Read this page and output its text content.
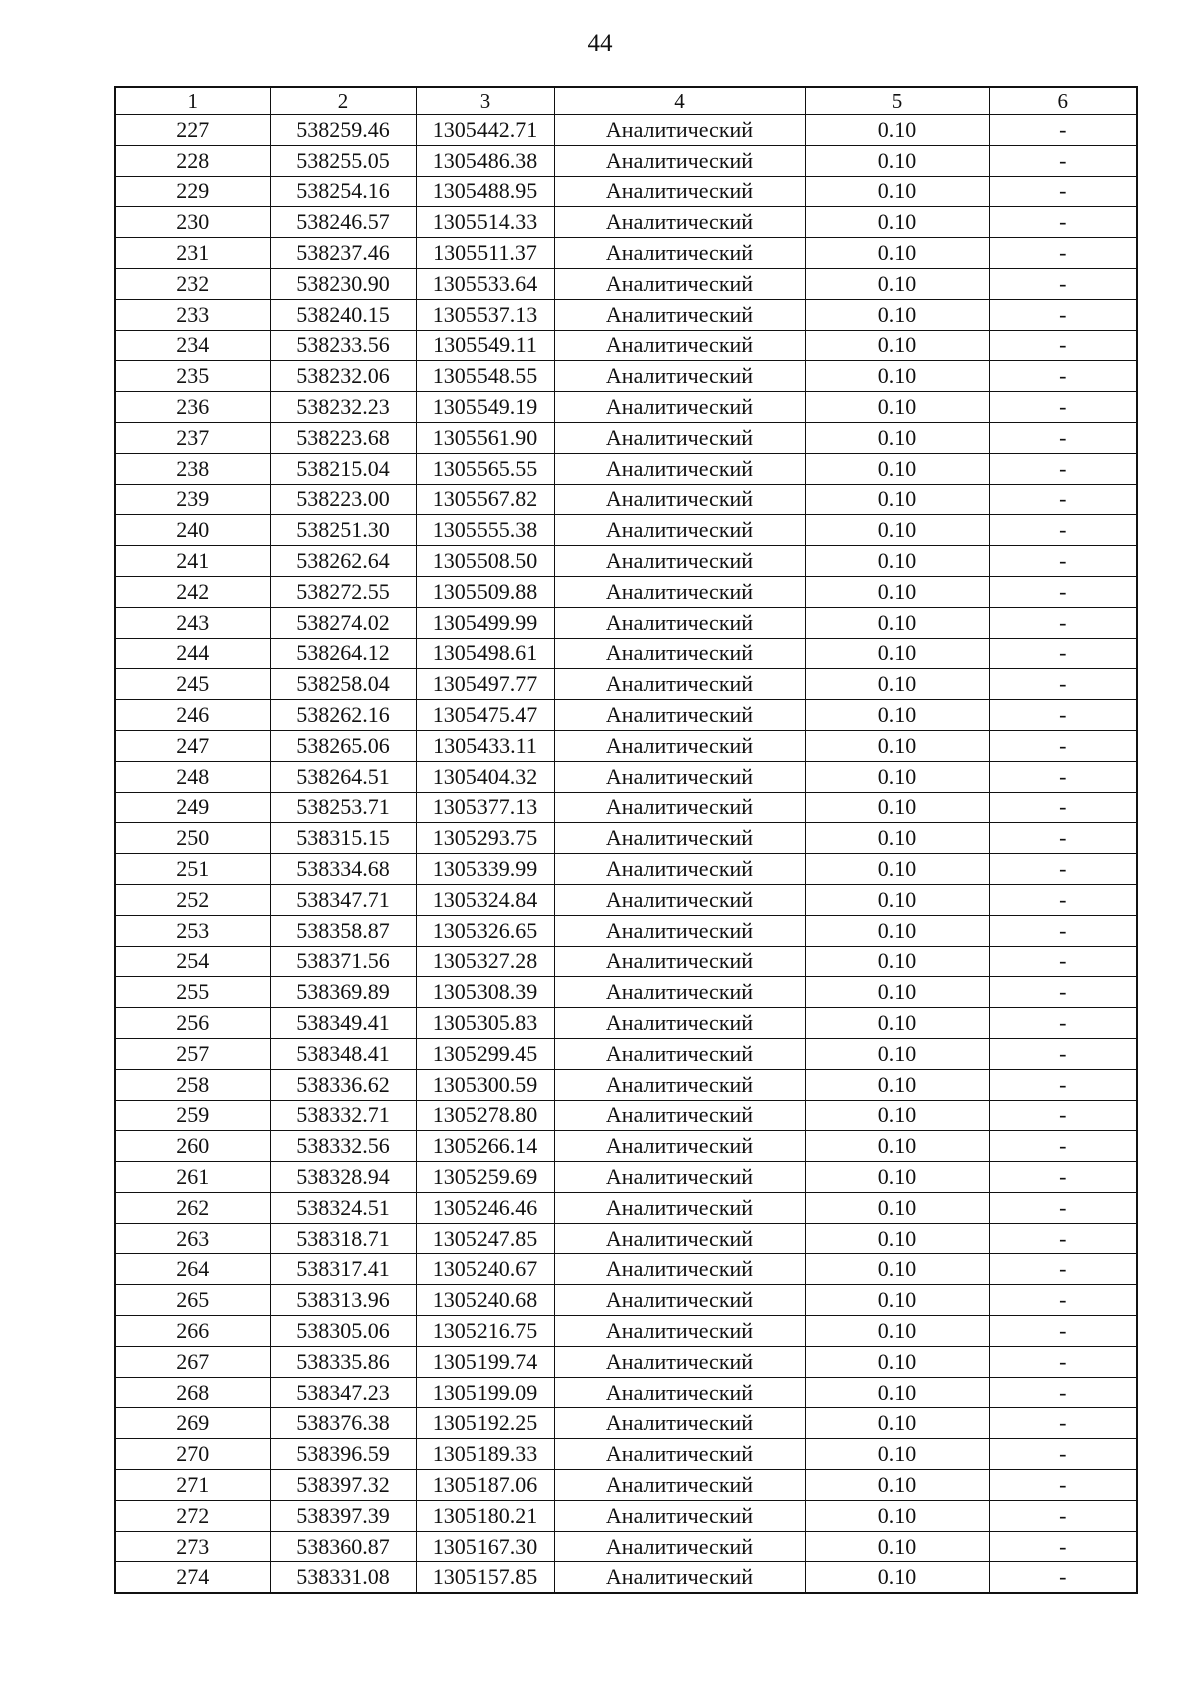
44
1	2	3	4	5	6
227	538259.46	1305442.71	Аналитический	0.10	-
228	538255.05	1305486.38	Аналитический	0.10	-
229	538254.16	1305488.95	Аналитический	0.10	-
230	538246.57	1305514.33	Аналитический	0.10	-
231	538237.46	1305511.37	Аналитический	0.10	-
232	538230.90	1305533.64	Аналитический	0.10	-
233	538240.15	1305537.13	Аналитический	0.10	-
234	538233.56	1305549.11	Аналитический	0.10	-
235	538232.06	1305548.55	Аналитический	0.10	-
236	538232.23	1305549.19	Аналитический	0.10	-
237	538223.68	1305561.90	Аналитический	0.10	-
238	538215.04	1305565.55	Аналитический	0.10	-
239	538223.00	1305567.82	Аналитический	0.10	-
240	538251.30	1305555.38	Аналитический	0.10	-
241	538262.64	1305508.50	Аналитический	0.10	-
242	538272.55	1305509.88	Аналитический	0.10	-
243	538274.02	1305499.99	Аналитический	0.10	-
244	538264.12	1305498.61	Аналитический	0.10	-
245	538258.04	1305497.77	Аналитический	0.10	-
246	538262.16	1305475.47	Аналитический	0.10	-
247	538265.06	1305433.11	Аналитический	0.10	-
248	538264.51	1305404.32	Аналитический	0.10	-
249	538253.71	1305377.13	Аналитический	0.10	-
250	538315.15	1305293.75	Аналитический	0.10	-
251	538334.68	1305339.99	Аналитический	0.10	-
252	538347.71	1305324.84	Аналитический	0.10	-
253	538358.87	1305326.65	Аналитический	0.10	-
254	538371.56	1305327.28	Аналитический	0.10	-
255	538369.89	1305308.39	Аналитический	0.10	-
256	538349.41	1305305.83	Аналитический	0.10	-
257	538348.41	1305299.45	Аналитический	0.10	-
258	538336.62	1305300.59	Аналитический	0.10	-
259	538332.71	1305278.80	Аналитический	0.10	-
260	538332.56	1305266.14	Аналитический	0.10	-
261	538328.94	1305259.69	Аналитический	0.10	-
262	538324.51	1305246.46	Аналитический	0.10	-
263	538318.71	1305247.85	Аналитический	0.10	-
264	538317.41	1305240.67	Аналитический	0.10	-
265	538313.96	1305240.68	Аналитический	0.10	-
266	538305.06	1305216.75	Аналитический	0.10	-
267	538335.86	1305199.74	Аналитический	0.10	-
268	538347.23	1305199.09	Аналитический	0.10	-
269	538376.38	1305192.25	Аналитический	0.10	-
270	538396.59	1305189.33	Аналитический	0.10	-
271	538397.32	1305187.06	Аналитический	0.10	-
272	538397.39	1305180.21	Аналитический	0.10	-
273	538360.87	1305167.30	Аналитический	0.10	-
274	538331.08	1305157.85	Аналитический	0.10	-
